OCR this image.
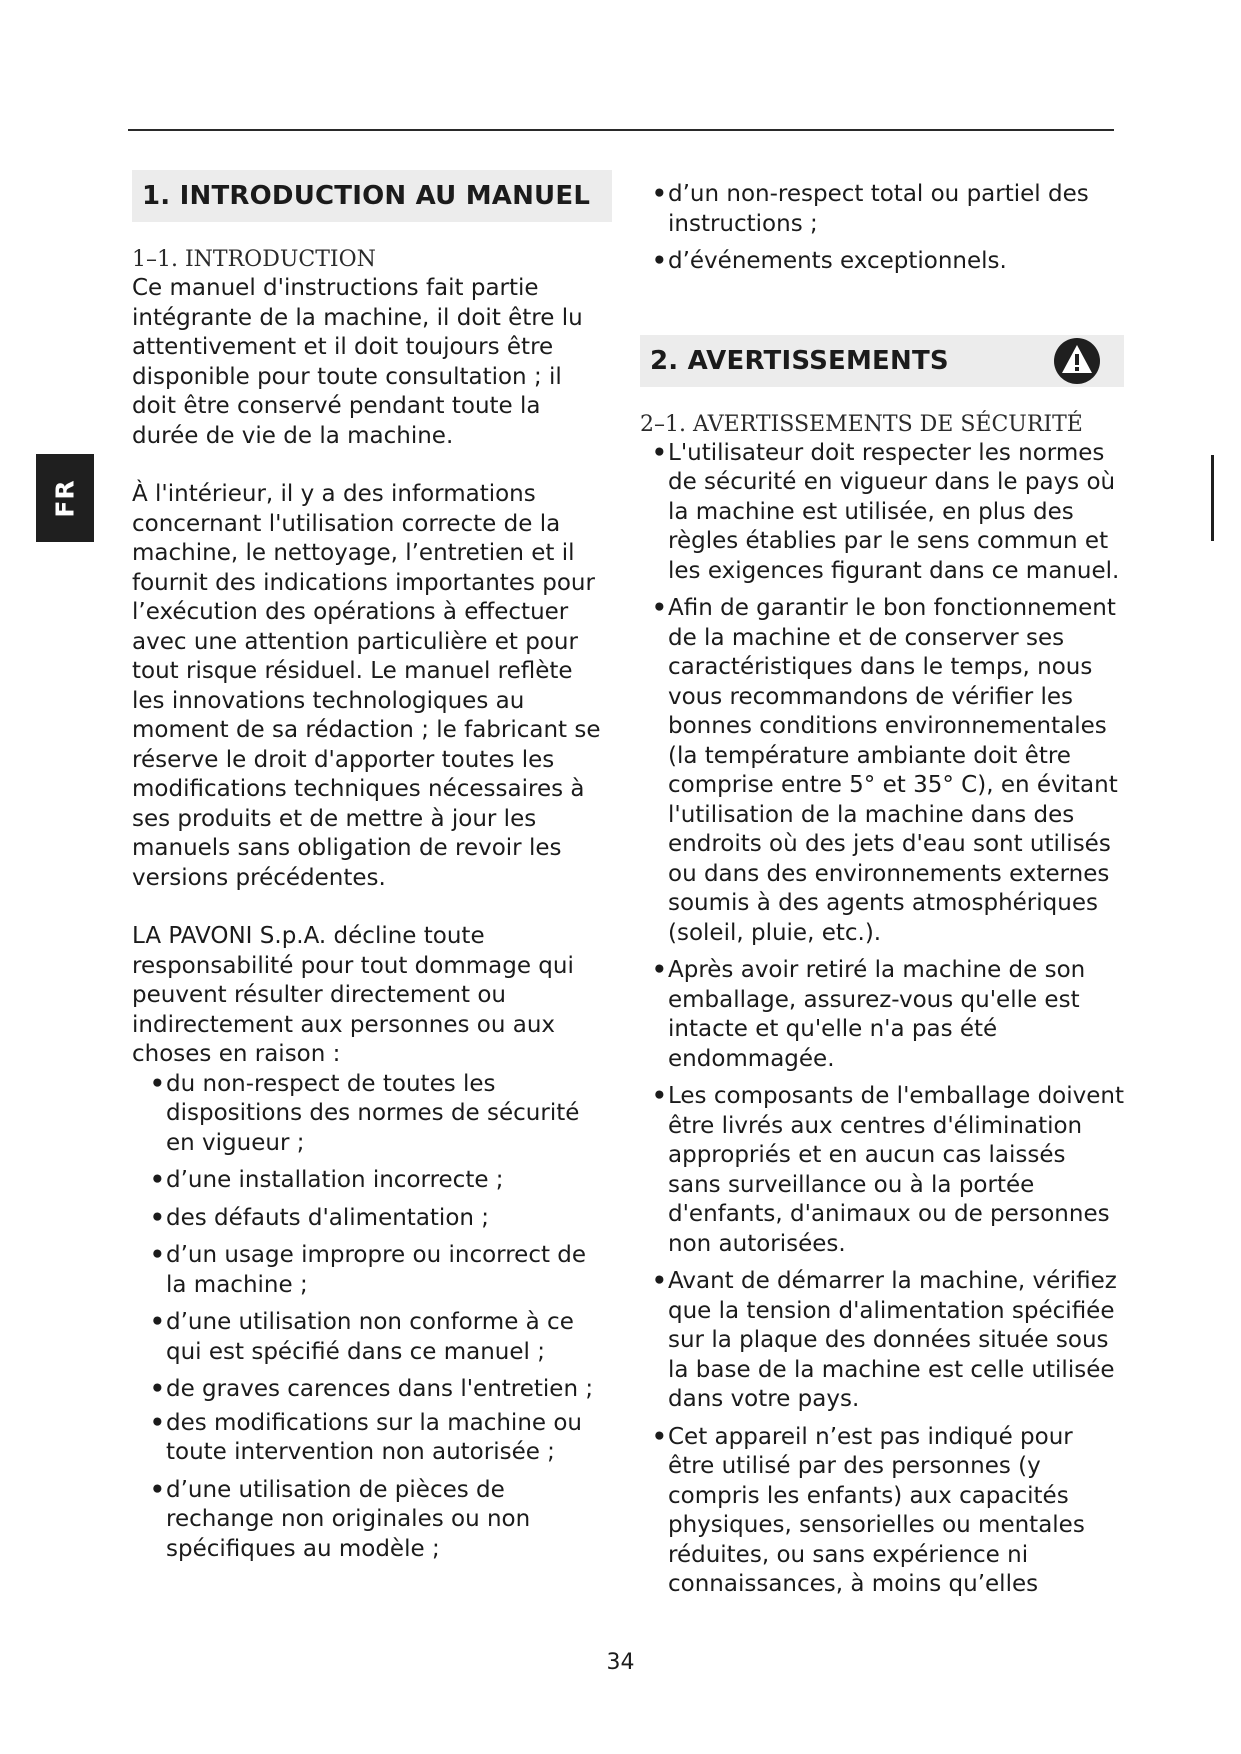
FR
1. INTRODUCTION AU MANUEL
1–1. INTRODUCTION

Ce manuel d'instructions fait partie intégrante de la machine, il doit être lu attentivement et il doit toujours être disponible pour toute consultation ; il doit être conservé pendant toute la durée de vie de la machine.

À l'intérieur, il y a des informations concernant l'utilisation correcte de la machine, le nettoyage, l’entretien et il fournit des indications importantes pour l’exécution des opérations à effectuer avec une attention particulière et pour tout risque résiduel. Le manuel reflète les innovations technologiques au moment de sa rédaction ; le fabricant se réserve le droit d'apporter toutes les modifications techniques nécessaires à ses produits et de mettre à jour les manuels sans obligation de revoir les versions précédentes.

LA PAVONI S.p.A. décline toute responsabilité pour tout dommage qui peuvent résulter directement ou indirectement aux personnes ou aux choses en raison :

• du non-respect de toutes les dispositions des normes de sécurité en vigueur ;
• d’une installation incorrecte ;
• des défauts d'alimentation ;
• d’un usage impropre ou incorrect de la machine ;
• d’une utilisation non conforme à ce qui est spécifié dans ce manuel ;
• de graves carences dans l'entretien ;
• des modifications sur la machine ou toute intervention non autorisée ;
• d’une utilisation de pièces de rechange non originales ou non spécifiques au modèle ;
• d’un non-respect total ou partiel des instructions ;
• d’événements exceptionnels.
2. AVERTISSEMENTS
2–1. AVERTISSEMENTS DE SÉCURITÉ
• L'utilisateur doit respecter les normes de sécurité en vigueur dans le pays où la machine est utilisée, en plus des règles établies par le sens commun et les exigences figurant dans ce manuel.
• Afin de garantir le bon fonctionnement de la machine et de conserver ses caractéristiques dans le temps, nous vous recommandons de vérifier les bonnes conditions environnementales (la température ambiante doit être comprise entre 5° et 35° C), en évitant l'utilisation de la machine dans des endroits où des jets d'eau sont utilisés ou dans des environnements externes soumis à des agents atmosphériques (soleil, pluie, etc.).
• Après avoir retiré la machine de son emballage, assurez-vous qu'elle est intacte et qu'elle n'a pas été endommagée.
• Les composants de l'emballage doivent être livrés aux centres d'élimination appropriés et en aucun cas laissés sans surveillance ou à la portée d'enfants, d'animaux ou de personnes non autorisées.
• Avant de démarrer la machine, vérifiez que la tension d'alimentation spécifiée sur la plaque des données située sous la base de la machine est celle utilisée dans votre pays.
• Cet appareil n’est pas indiqué pour être utilisé par des personnes (y compris les enfants) aux capacités physiques, sensorielles ou mentales réduites, ou sans expérience ni connaissances, à moins qu’elles
34
